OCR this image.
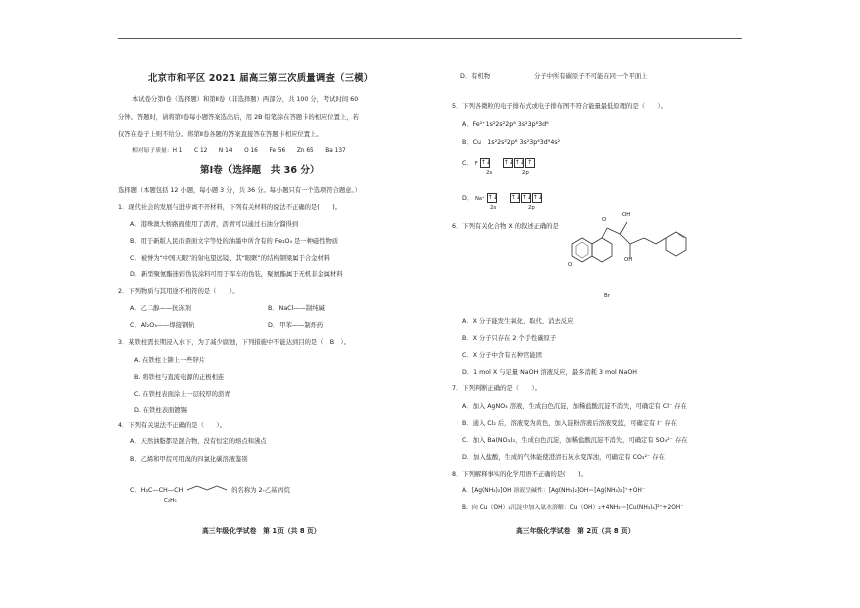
北京市和平区 2021 届高三第三次质量调查（三模）
本试卷分第Ⅰ卷（选择题）和第Ⅱ卷（非选择题）两部分，共 100 分，考试时间 60
分钟。答题时，请将第Ⅰ卷每小题答案选出后，用 2B 铅笔涂在答题卡的相应位置上，若
仅答在卷子上则不给分。将第Ⅱ卷各题的答案直接答在答题卡相应位置上。
相对原子质量：H 1　　C 12　　N 14　　O 16　　Fe 56　　Zn 65　　Ba 137
第Ⅰ卷（选择题　共 36 分）
选择题（本题包括 12 小题，每小题 3 分，共 36 分。每小题只有一个选项符合题意。）
1．现代社会的发展与进步离不开材料，下列有关材料的说法不正确的是(　　)。
A．港珠澳大桥路面使用了沥青，沥青可以通过石油分馏得到
B．用于新版人民币票面文字等处的油墨中所含有的 Fe₃O₄ 是一种磁性物质
C．被誉为“中国天眼”的射电望远镜，其“眼眶”的结构钢梁属于合金材料
D．新型聚氨酯迷彩伪装涂料可用于军车的伪装，聚氨酯属于无机非金属材料
2．下列物质与其用途不相符的是（　　）。
A．乙二醇——抗冻剂	B．NaCl——制纯碱
C．Al₂O₃——焊接钢轨	D．甲苯——制炸药
3．某铁柱需长期浸入水下，为了减少腐蚀，下列措施中不能达到目的是（　B　）。
A. 在铁柱上铆上一些锌片
B. 将铁柱与直流电源的正极相连
C. 在铁柱表面涂上一层较厚的沥青
D. 在铁柱表面镀锡
4．下列有关说法不正确的是（　　）。
A．天然油脂都是混合物，没有恒定的熔点和沸点
B．乙烯和甲烷可用溴的四氯化碳溶液鉴别
C．H₃C—CH—CH	的名称为 2-乙基丙烷
C₂H₅
高三年级化学试卷　第 1页（共 8 页）
D．有机物　　　　　　　分子中所有碳原子不可能在同一个平面上
5．下列各微粒的电子排布式或电子排布图不符合能量最低原理的是（　　）。
A．Fe²⁺1s²2s²2p⁶ 3s²3p⁶3d⁶
B．Cu　1s²2s²2p⁶ 3s²3p⁶3d⁹4s²
C． F ↑↓ ↑↓↑↓ ↑
2s	2p
D． Na⁺ ↑↓ ↑↓↑↓↑↓
2s	2p
6．下列有关化合物 X 的叙述正确的是
O
OH
O
OH
Br
A．X 分子能发生氧化、取代、消去反应
B．X 分子只存在 2 个手性碳原子
C．X 分子中含有五种官能团
D．1 mol X 与足量 NaOH 溶液反应，最多消耗 3 mol NaOH
7．下列判断正确的是（　　）。
A．加入 AgNO₃ 溶液，生成白色沉淀，加稀盐酸沉淀不消失，可确定有 Cl⁻ 存在
B．通入 Cl₂ 后，溶液变为黄色，加入淀粉溶液后溶液变蓝，可确定有 I⁻ 存在
C．加入 Ba(NO₃)₂，生成白色沉淀，加稀盐酸沉淀不消失，可确定有 SO₄²⁻ 存在
D．加入盐酸，生成的气体能使澄清石灰水变浑浊，可确定有 CO₃²⁻ 存在
8．下列解释事实的化学用语不正确的是(　　)。
A．[Ag(NH₃)₂]OH 溶液呈碱性：[Ag(NH₃)₂]OH＝[Ag(NH₃)₂]⁺+OH⁻
B．向 Cu（OH）₂沉淀中加入氨水溶解：Cu（OH）₂+4NH₃＝[Cu(NH₃)₄]²⁺+2OH⁻
高三年级化学试卷　第 2页（共 8 页）
